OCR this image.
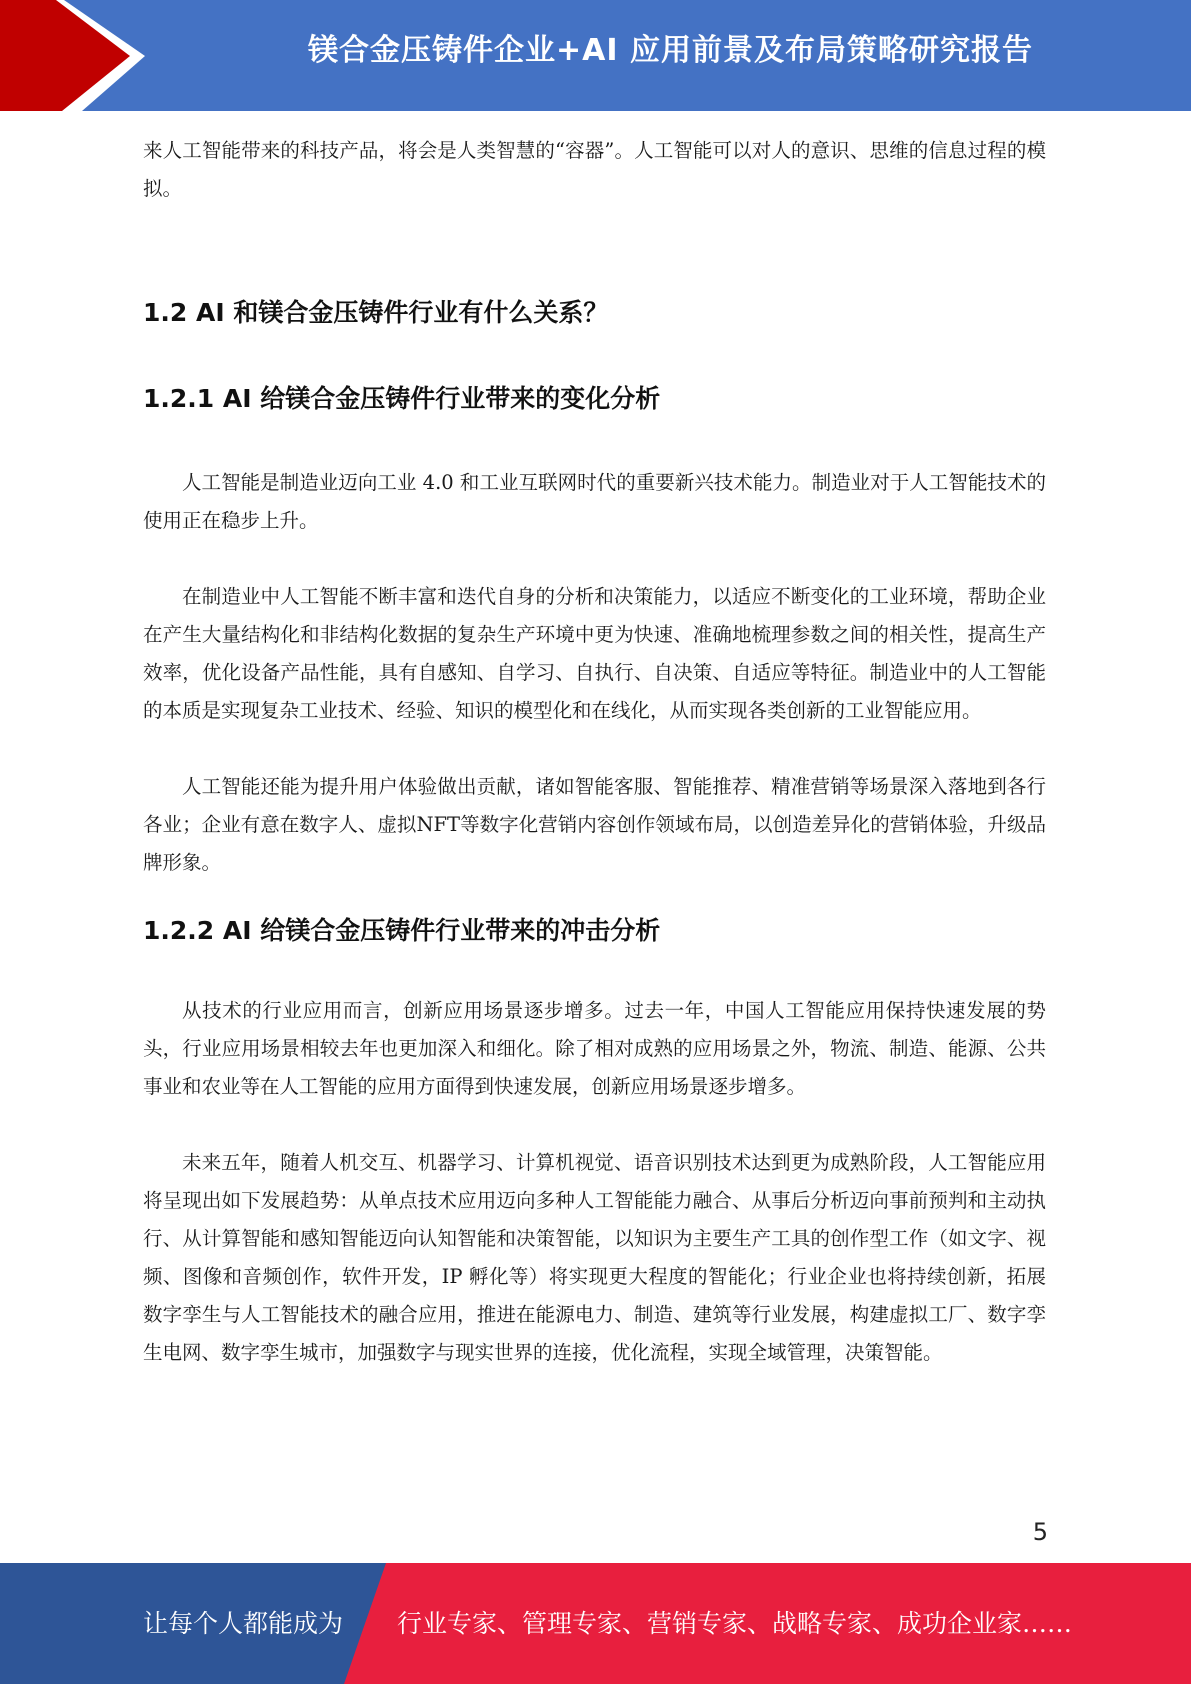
镁合金压铸件企业+AI 应用前景及布局策略研究报告

来人工智能带来的科技产品，将会是人类智慧的“容器”。人工智能可以对人的意识、思维的信息过程的模拟。

1.2 AI 和镁合金压铸件行业有什么关系？
1.2.1 AI 给镁合金压铸件行业带来的变化分析

人工智能是制造业迈向工业 4.0 和工业互联网时代的重要新兴技术能力。制造业对于人工智能技术的使用正在稳步上升。

在制造业中人工智能不断丰富和迭代自身的分析和决策能力，以适应不断变化的工业环境，帮助企业在产生大量结构化和非结构化数据的复杂生产环境中更为快速、准确地梳理参数之间的相关性，提高生产效率，优化设备产品性能，具有自感知、自学习、自执行、自决策、自适应等特征。制造业中的人工智能的本质是实现复杂工业技术、经验、知识的模型化和在线化，从而实现各类创新的工业智能应用。

人工智能还能为提升用户体验做出贡献，诸如智能客服、智能推荐、精准营销等场景深入落地到各行各业；企业有意在数字人、虚拟NFT等数字化营销内容创作领域布局，以创造差异化的营销体验，升级品牌形象。

1.2.2 AI 给镁合金压铸件行业带来的冲击分析

从技术的行业应用而言，创新应用场景逐步增多。过去一年，中国人工智能应用保持快速发展的势头，行业应用场景相较去年也更加深入和细化。除了相对成熟的应用场景之外，物流、制造、能源、公共事业和农业等在人工智能的应用方面得到快速发展，创新应用场景逐步增多。

未来五年，随着人机交互、机器学习、计算机视觉、语音识别技术达到更为成熟阶段，人工智能应用将呈现出如下发展趋势：从单点技术应用迈向多种人工智能能力融合、从事后分析迈向事前预判和主动执行、从计算智能和感知智能迈向认知智能和决策智能，以知识为主要生产工具的创作型工作（如文字、视频、图像和音频创作，软件开发，IP 孵化等）将实现更大程度的智能化；行业企业也将持续创新，拓展数字孪生与人工智能技术的融合应用，推进在能源电力、制造、建筑等行业发展，构建虚拟工厂、数字孪生电网、数字孪生城市，加强数字与现实世界的连接，优化流程，实现全域管理，决策智能。

5
让每个人都能成为 行业专家、管理专家、营销专家、战略专家、成功企业家……
